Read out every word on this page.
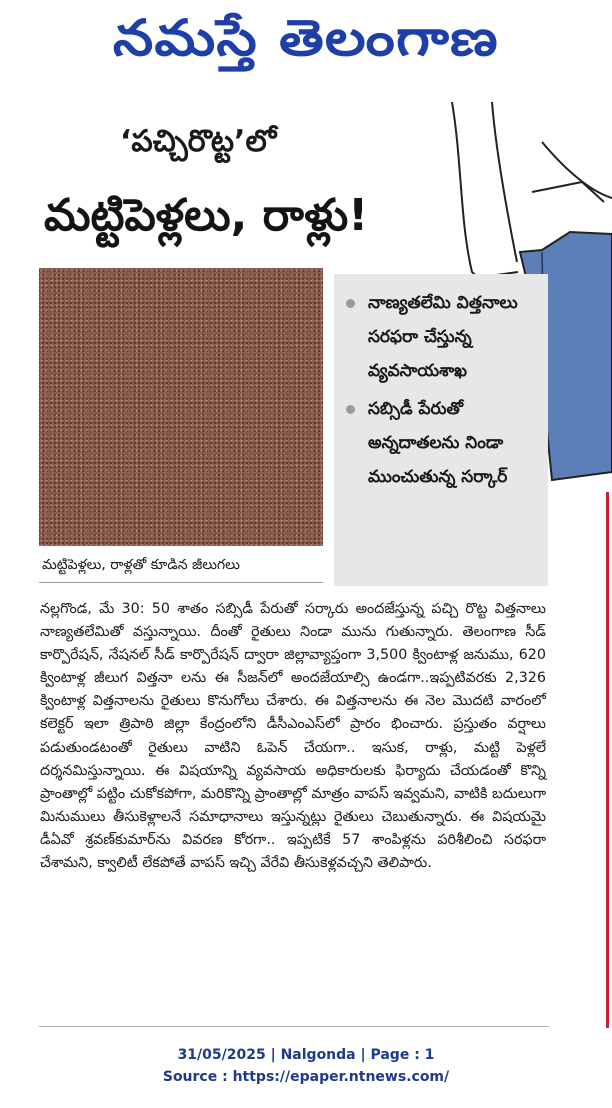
నమస్తే తెలంగాణ
‘పచ్చిరొట్ట’లో
మట్టిపెళ్లలు, రాళ్లు!
మట్టిపెళ్లలు, రాళ్లతో కూడిన జీలుగలు
నాణ్యతలేమి విత్తనాలు సరఫరా చేస్తున్న వ్యవసాయశాఖ
సబ్సిడీ పేరుతో అన్నదాతలను నిండా ముంచుతున్న సర్కార్
నల్లగొండ, మే 30: 50 శాతం సబ్సిడీ పేరుతో సర్కారు అందజేస్తున్న పచ్చి రొట్ట విత్తనాలు నాణ్యతలేమితో వస్తున్నాయి. దీంతో రైతులు నిండా మును గుతున్నారు. తెలంగాణ సీడ్ కార్పొరేషన్, నేషనల్ సీడ్ కార్పొరేషన్ ద్వారా జిల్లావ్యాప్తంగా 3,500 క్వింటాళ్ల జనుము, 620 క్వింటాళ్ల జీలుగ విత్తనా లను ఈ సీజన్‌లో అందజేయాల్సి ఉండగా..ఇప్పటివరకు 2,326 క్వింటాళ్ల విత్తనాలను రైతులు కొనుగోలు చేశారు. ఈ విత్తనాలను ఈ నెల మొదటి వారంలో కలెక్టర్ ఇలా త్రిపాఠి జిల్లా కేంద్రంలోని డీసీఎంఎస్‌లో ప్రారం భించారు. ప్రస్తుతం వర్షాలు పడుతుండటంతో రైతులు వాటిని ఓపెన్ చేయగా.. ఇసుక, రాళ్లు, మట్టి పెళ్లలే దర్శనమిస్తున్నాయి. ఈ విషయాన్ని వ్యవసాయ అధికారులకు ఫిర్యాదు చేయడంతో కొన్ని ప్రాంతాల్లో పట్టిం చుకోకపోగా, మరికొన్ని ప్రాంతాల్లో మాత్రం వాపస్ ఇవ్వమని, వాటికి బదులుగా మినుములు తీసుకెళ్లాలనే సమాధానాలు ఇస్తున్నట్లు రైతులు చెబుతున్నారు. ఈ విషయమై డీఏవో శ్రవణ్‌కుమార్‌ను వివరణ కోరగా.. ఇప్పటికే 57 శాంపిళ్లను పరిశీలించి సరఫరా చేశామని, క్వాలిటీ లేకపోతే వాపస్ ఇచ్చి వేరేవి తీసుకెళ్లవచ్చని తెలిపారు.
31/05/2025 | Nalgonda | Page : 1
Source : https://epaper.ntnews.com/
